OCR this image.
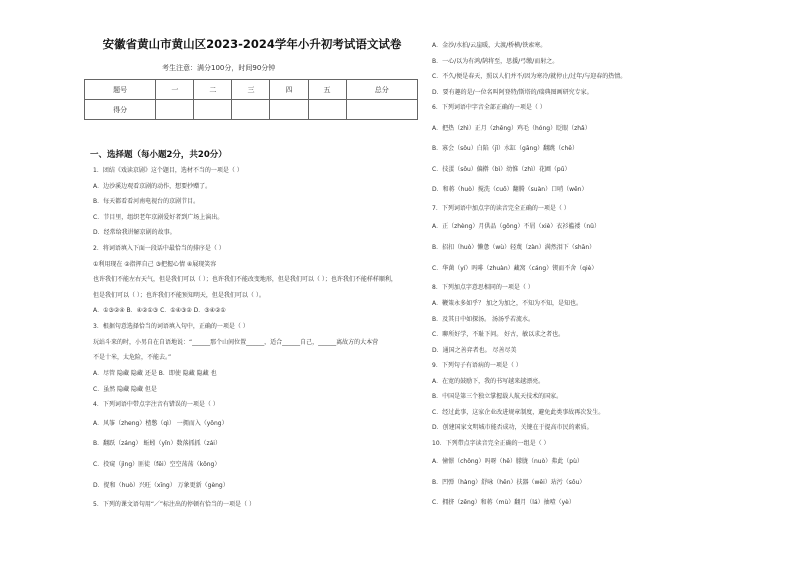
安徽省黄山市黄山区2023-2024学年小升初考试语文试卷
考生注意：满分100分，时间90分钟
题号	一	二	三	四	五	总分
得分						
一、选择题（每小题2分，共20分）
1．团结《戏读京剧》这个题目，选材不当的一项是（ ）
A．边沙溪边观看京剧的动作，想要抄赠了。
B．每天都看看河南电视台的京剧节目。
C．节目里，组织老年京剧爱好者到广场上演出。
D．经常给我讲解京剧的故事。
2．将词语填入下面一段话中最恰当的排序是（ ）
①利用现在 ②指挥自己 ③把握心情 ④展现笑容
也许我们不能左右天气，但是我们可以（ ）；也许我们不能改变地形，但是我们可以（ ）；也许我们不能样样顺利，
但是我们可以（ ）；也许我们不能预知明天，但是我们可以（ ）。
A．①③②④ B．④②①③ C．①④③② D．③④②①
3．根据句意选择恰当的词语填入句中，正确的一项是（ ）
玩站斗来的时，小男自在自语地说：“______那个山间位置______，适合______自己，______离故方的大本营
不是十米，太危险，不能去。”
A．尽管 隐藏 隐藏 还是 B．即使 隐藏 隐藏 也
C．虽然 隐藏 隐藏 但是
4．下列词语中带点字注音有错误的一项是（ ）
A．风筝（zheng）楂憋（qì） 一拥而入（yōng）
B．翻跃（záng） 蚯蚓（yǐn）数落抓抓（zái）
C．投窥（jìng）匪徒（fěi）空空荡荡（kōng）
D．捉和（huò）兴旺（xīng） 万象更新（gèng）
5．下列的课文语句用“／”标注出的停顿有恰当的一项是（ ）
A．金沙/水拍/云崖暖，大渡/桥横/铁索寒。
B．一心/以为有鸿/鹄将至，思援/弓缴/而射之。
C．不久/便是春天，照以人们并不/因为寒冷/就停止/过年/与迎春的热情。
D．要有趣的是/一位名叫阿登特/斯塔的/瑞典图画研究专家。
6．下列词语中字音全部正确的一项是（ ）
A．把热（zhì）正月（zhēng）鸡毛（hóng）眨眼（zhǎ）
B．寡会（sǒu）白陷（jǐ）水缸（gāng）翻跳（chě）
C．技蛋（sǒu）偏擀（bì）幼惟（zhì）花圃（pǔ）
D．和蒋（huò）搅洗（cuō）翻腾（suàn）口哨（wēn）
7．下列词语中加点字的读音完全正确的一项是（ ）
A．正（zhèng）月供品（gōng）不屑（xiè）衣衫褴褛（nǔ）
B．招扣（huò）懒惫（wù）轻蔑（zàn）满然泪下（shān）
C．华菌（yí）吗啡（zhuàn）藏窝（cáng）锲而不舍（qiè）
8．下列加点字意思相同的一项是（ ）
A．鞭策永多如乎？ 加之为加之，不知为不知，是知也。
B．及其日中如探汤。 汤汤乎若流水。
C．聊所好学，不耻下问。 好古，敏以求之者也。
D．通国之善弈者也。 尽善尽美
9．下列句子有语病的一项是（ ）
A．在宽的鼓励下，我的书写越来越漂亮。
B．中国是第三个独立掌握载人航天技术的国家。
C．经过此事，这家企业改进规章制度，避免此类事故再次发生。
D．创建国家文明城市能否成功，关键在于提高市民的素质。
10．下列带点字读音完全正确的一组是（ ）
A．憧憬（chōng）吗呀（hē）朦胧（nuò）弗此（pù）
B．凹弹（hàng）舒咏（hěn）扶器（wěi）玷污（sǒu）
C．拥挤（zēng）和蒋（mù）翻月（lá）抽噎（yè）
